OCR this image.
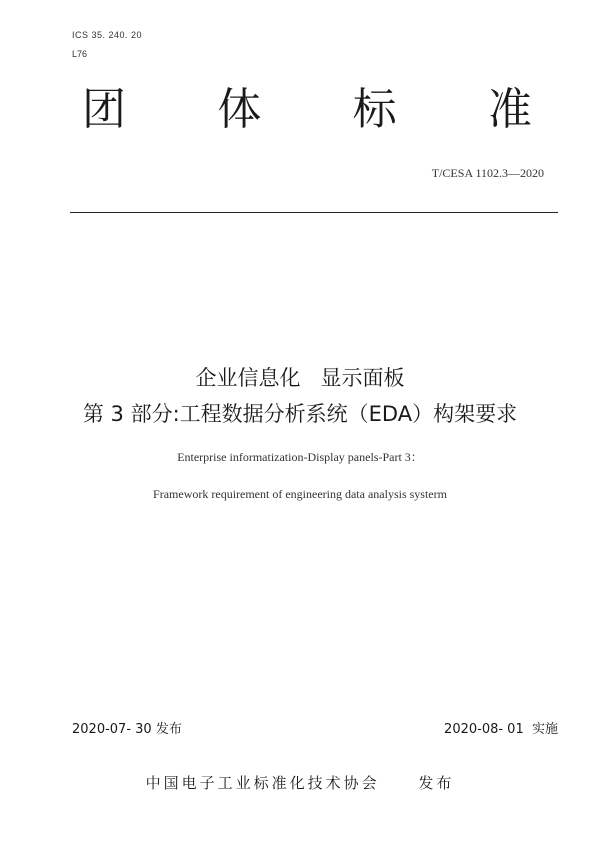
ICS 35. 240. 20
L76
团 体 标 准
T/CESA 1102.3—2020
企业信息化   显示面板
第 3 部分:工程数据分析系统（EDA）构架要求
Enterprise informatization-Display panels-Part 3：
Framework requirement of engineering data analysis systerm
2020-07- 30 发布	2020-08- 01  实施
中国电子工业标准化技术协会     发布
